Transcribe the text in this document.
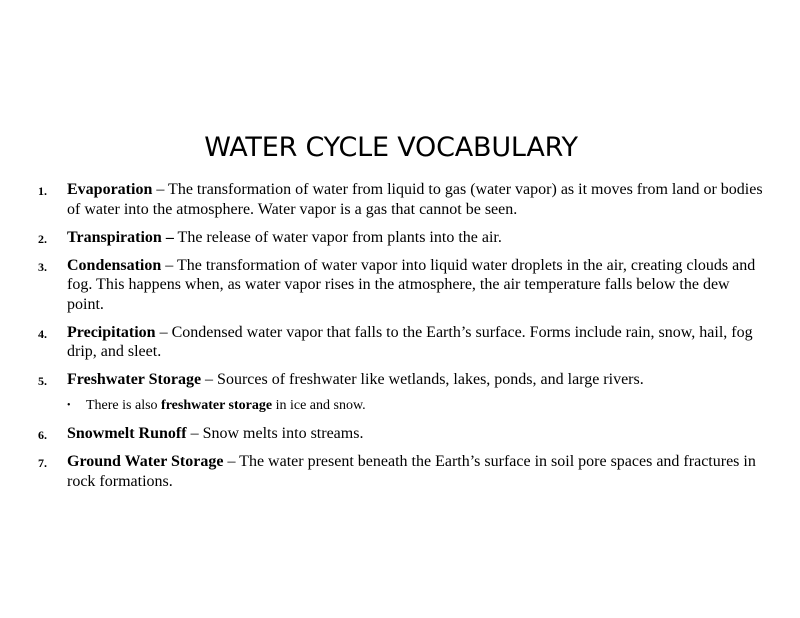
WATER CYCLE VOCABULARY
1. Evaporation – The transformation of water from liquid to gas (water vapor) as it moves from land or bodies of water into the atmosphere. Water vapor is a gas that cannot be seen.
2. Transpiration – The release of water vapor from plants into the air.
3. Condensation – The transformation of water vapor into liquid water droplets in the air, creating clouds and fog. This happens when, as water vapor rises in the atmosphere, the air temperature falls below the dew point.
4. Precipitation – Condensed water vapor that falls to the Earth’s surface. Forms include rain, snow, hail, fog drip, and sleet.
5. Freshwater Storage – Sources of freshwater like wetlands, lakes, ponds, and large rivers.
• There is also freshwater storage in ice and snow.
6. Snowmelt Runoff – Snow melts into streams.
7. Ground Water Storage – The water present beneath the Earth’s surface in soil pore spaces and fractures in rock formations.
